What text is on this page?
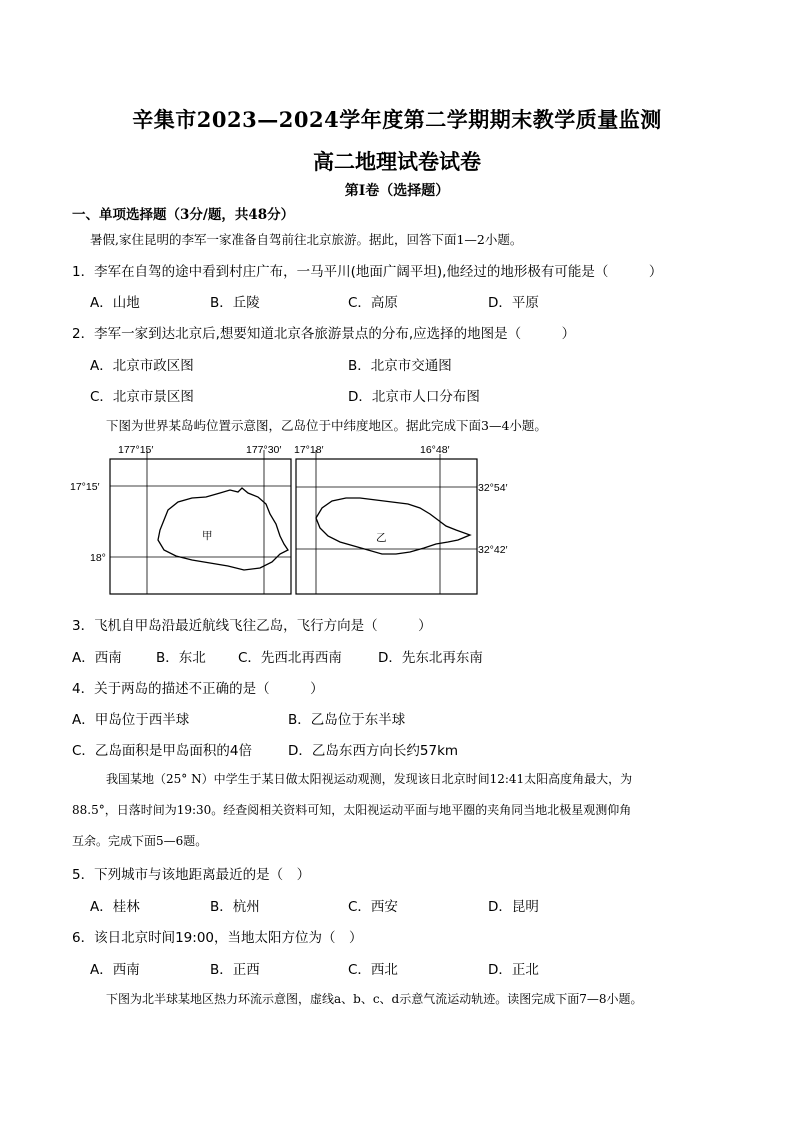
辛集市2023—2024学年度第二学期期末教学质量监测
高二地理试卷试卷
第Ⅰ卷（选择题）
一、单项选择题（3分/题，共48分）
暑假,家住昆明的李军一家准备自驾前往北京旅游。据此，回答下面1—2小题。
1．李军在自驾的途中看到村庄广布，一马平川(地面广阔平坦),他经过的地形极有可能是（　　　）
A．山地	B．丘陵	C．高原	D．平原
2．李军一家到达北京后,想要知道北京各旅游景点的分布,应选择的地图是（　　　）
A．北京市政区图	B．北京市交通图
C．北京市景区图	D．北京市人口分布图
下图为世界某岛屿位置示意图，乙岛位于中纬度地区。据此完成下面3—4小题。
甲
177°15′	177°30′
17°15′
18°
乙
17°18′	16°48′
32°54′
32°42′
3．飞机自甲岛沿最近航线飞往乙岛，飞行方向是（　　　）
A．西南	B．东北 C．先西北再西南	D．先东北再东南
4．关于两岛的描述不正确的是（　　　）
A．甲岛位于西半球	B．乙岛位于东半球
C．乙岛面积是甲岛面积的4倍	D．乙岛东西方向长约57km
我国某地（25° N）中学生于某日做太阳视运动观测，发现该日北京时间12:41太阳高度角最大，为
88.5°，日落时间为19:30。经查阅相关资料可知，太阳视运动平面与地平圈的夹角同当地北极星观测仰角
互余。完成下面5—6题。
5．下列城市与该地距离最近的是（　）
A．桂林	B．杭州	C．西安	D．昆明
6．该日北京时间19:00，当地太阳方位为（　）
A．西南	B．正西	C．西北	D．正北
下图为北半球某地区热力环流示意图，虚线a、b、c、d示意气流运动轨迹。读图完成下面7—8小题。
